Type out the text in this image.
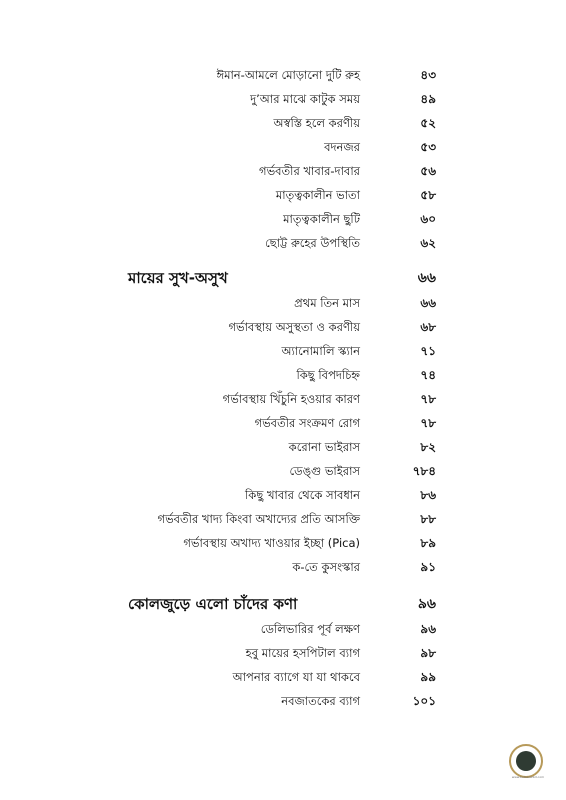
ঈমান-আমলে মোড়ানো দুটি রুহ	৪৩
দু’আর মাঝে কাটুক সময়	৪৯
অস্বস্তি হলে করণীয়	৫২
বদনজর	৫৩
গর্ভবতীর খাবার-দাবার	৫৬
মাতৃত্বকালীন ভাতা	৫৮
মাতৃত্বকালীন ছুটি	৬০
ছোট্ট রুহের উপস্থিতি	৬২
মায়ের সুখ-অসুখ	৬৬
প্রথম তিন মাস	৬৬
গর্ভাবস্থায় অসুস্থতা ও করণীয়	৬৮
অ্যানোমালি স্ক্যান	৭১
কিছু বিপদচিহ্ন	৭৪
গর্ভাবস্থায় খিঁচুনি হওয়ার কারণ	৭৮
গর্ভবতীর সংক্রমণ রোগ	৭৮
করোনা ভাইরাস	৮২
ডেঙ্গু ভাইরাস	৭৮৪
কিছু খাবার থেকে সাবধান	৮৬
গর্ভবতীর খাদ্য কিংবা অখাদ্যের প্রতি আসক্তি	৮৮
গর্ভাবস্থায় অখাদ্য খাওয়ার ইচ্ছা (Pica)	৮৯
ক-তে কুসংস্কার	৯১
কোলজুড়ে এলো চাঁদের কণা	৯৬
ডেলিভারির পূর্ব লক্ষণ	৯৬
হবু মায়ের হসপিটাল ব্যাগ	৯৮
আপনার ব্যাগে যা যা থাকবে	৯৯
নবজাতকের ব্যাগ	১০১
www.boibazarbd.com
